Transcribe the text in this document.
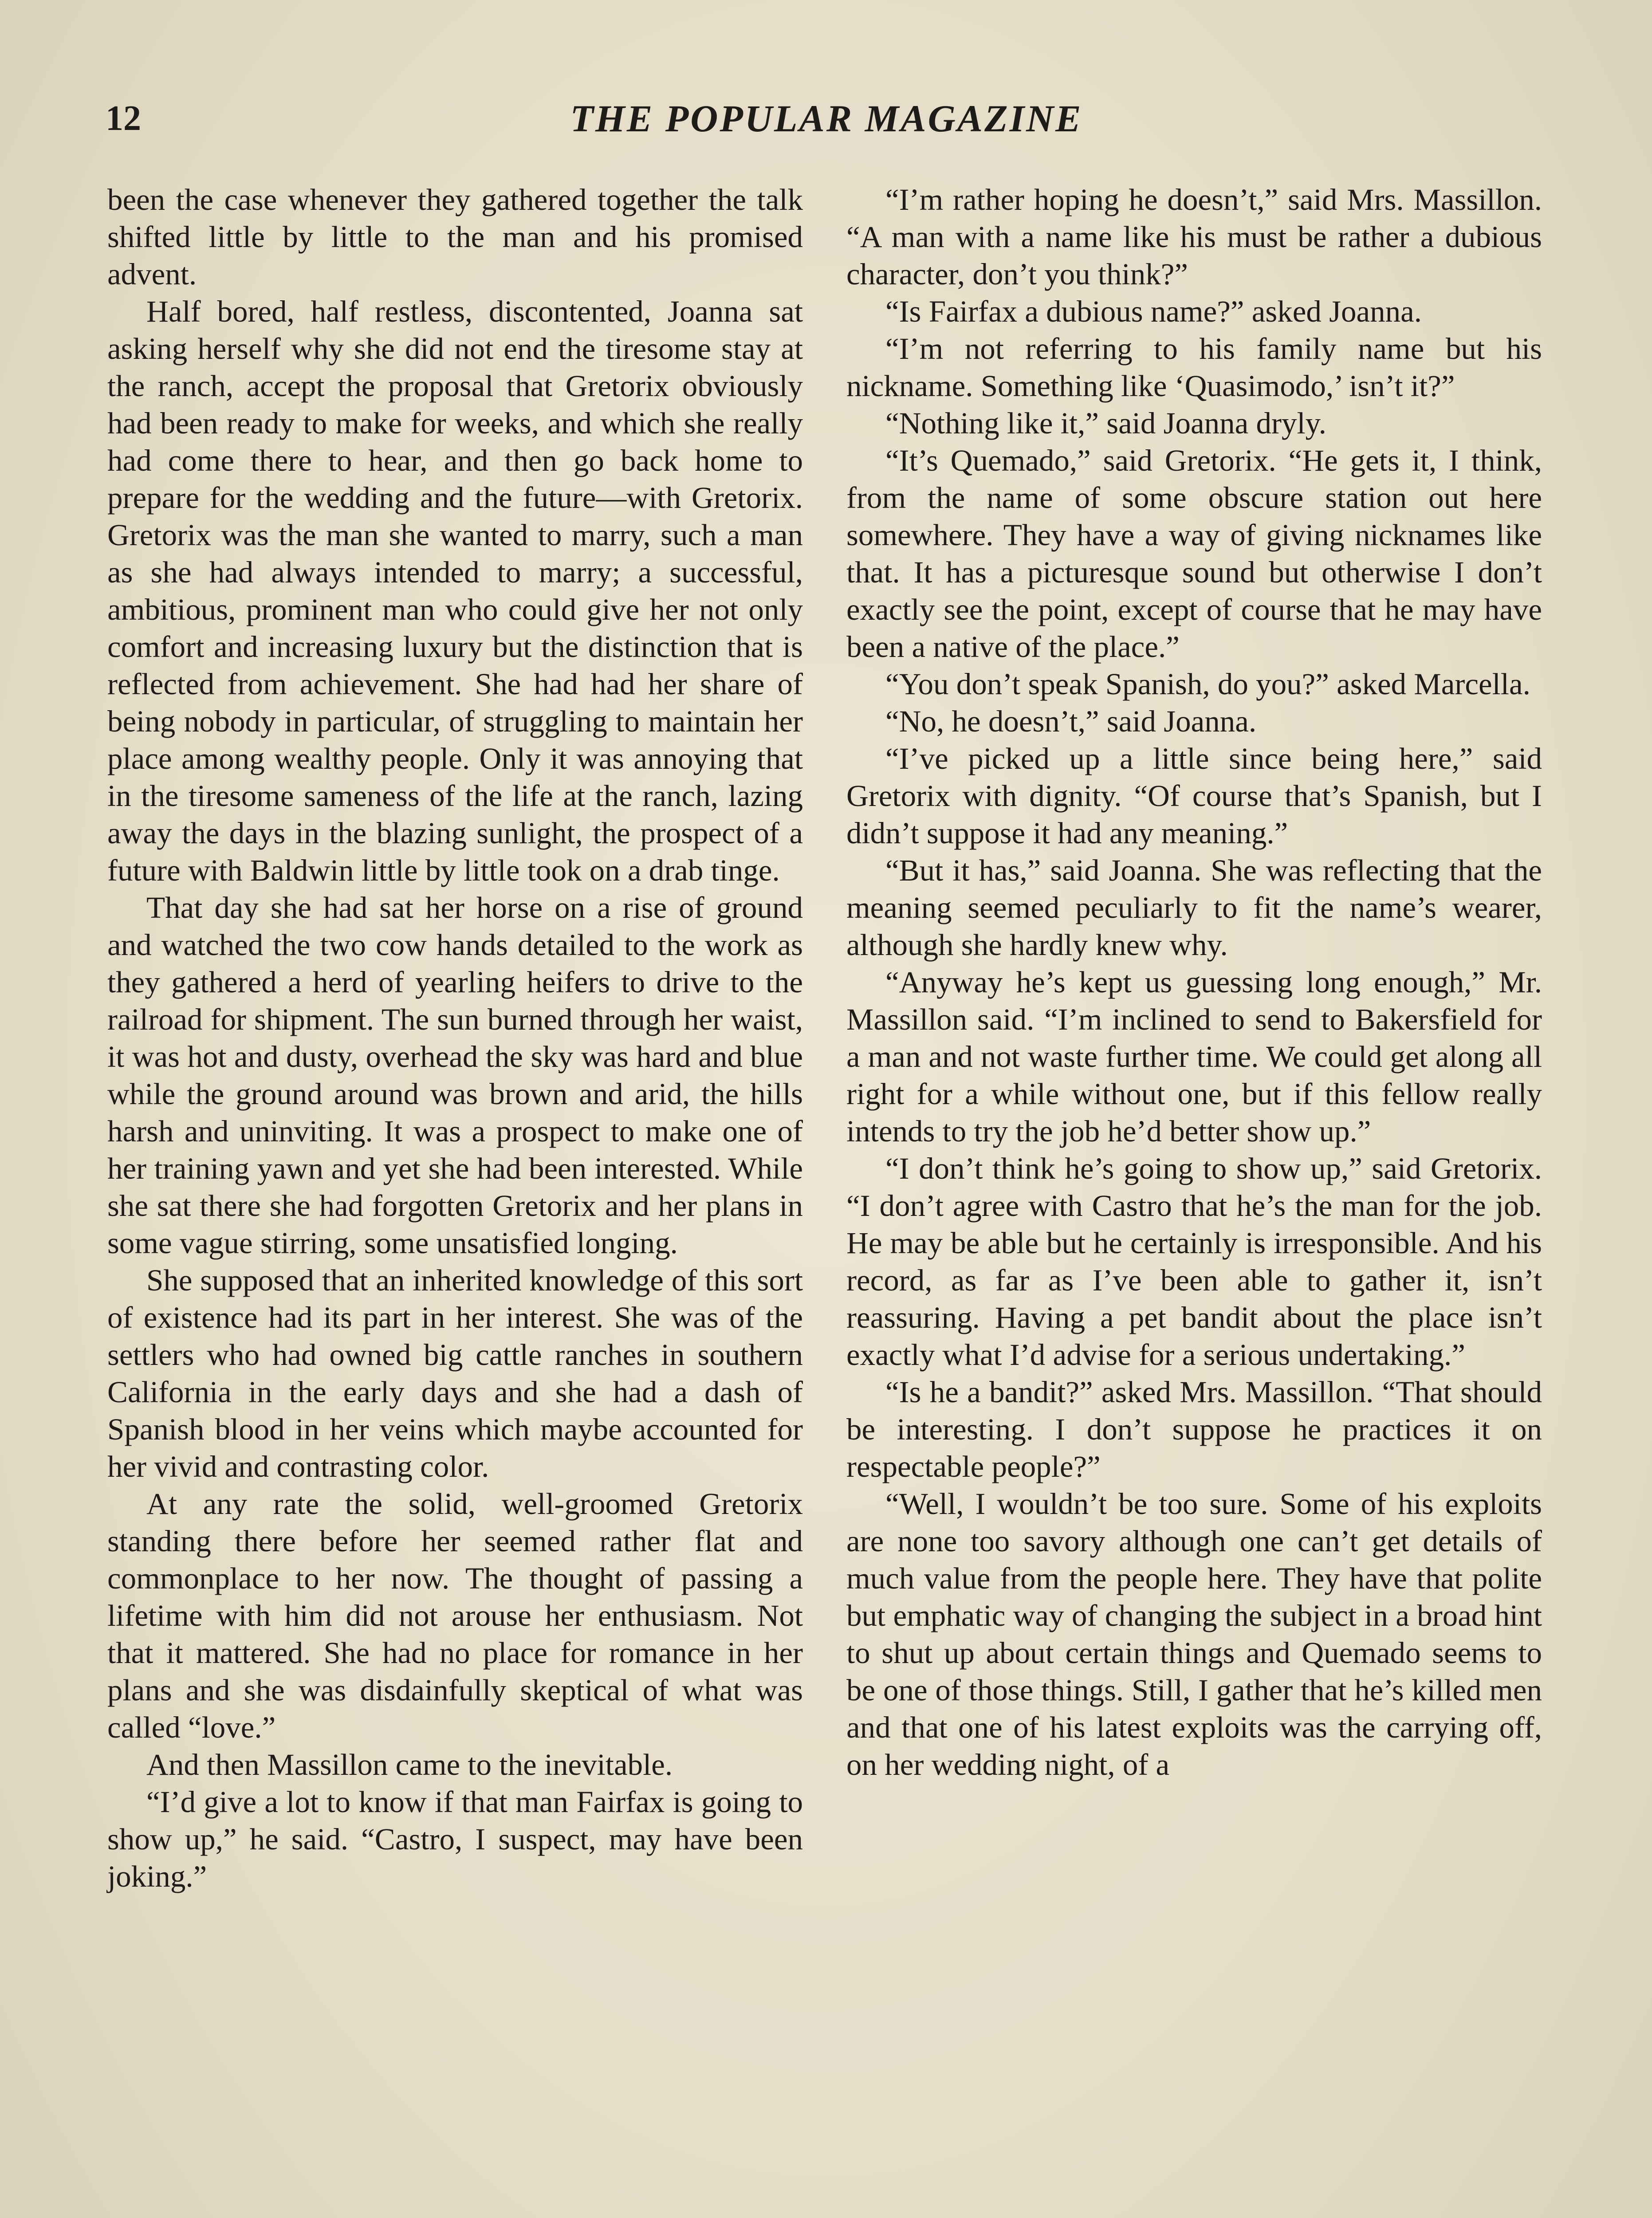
12	THE POPULAR MAGAZINE

been the case whenever they gathered together the talk shifted little by little to the man and his promised advent.

Half bored, half restless, discontented, Joanna sat asking herself why she did not end the tiresome stay at the ranch, accept the proposal that Gretorix obviously had been ready to make for weeks, and which she really had come there to hear, and then go back home to prepare for the wedding and the future—with Gretorix. Gretorix was the man she wanted to marry, such a man as she had always intended to marry; a successful, ambitious, prominent man who could give her not only comfort and increasing luxury but the distinction that is reflected from achievement. She had had her share of being nobody in particular, of struggling to maintain her place among wealthy people. Only it was annoying that in the tiresome sameness of the life at the ranch, lazing away the days in the blazing sunlight, the prospect of a future with Baldwin little by little took on a drab tinge.

That day she had sat her horse on a rise of ground and watched the two cow hands detailed to the work as they gathered a herd of yearling heifers to drive to the railroad for shipment. The sun burned through her waist, it was hot and dusty, overhead the sky was hard and blue while the ground around was brown and arid, the hills harsh and uninviting. It was a prospect to make one of her training yawn and yet she had been interested. While she sat there she had forgotten Gretorix and her plans in some vague stirring, some unsatisfied longing.

She supposed that an inherited knowledge of this sort of existence had its part in her interest. She was of the settlers who had owned big cattle ranches in southern California in the early days and she had a dash of Spanish blood in her veins which maybe accounted for her vivid and contrasting color.

At any rate the solid, well-groomed Gretorix standing there before her seemed rather flat and commonplace to her now. The thought of passing a lifetime with him did not arouse her enthusiasm. Not that it mattered. She had no place for romance in her plans and she was disdainfully skeptical of what was called “love.”

And then Massillon came to the inevitable.

“I’d give a lot to know if that man Fairfax is going to show up,” he said. “Castro, I suspect, may have been joking.”

“I’m rather hoping he doesn’t,” said Mrs. Massillon. “A man with a name like his must be rather a dubious character, don’t you think?”

“Is Fairfax a dubious name?” asked Joanna.

“I’m not referring to his family name but his nickname. Something like ‘Quasimodo,’ isn’t it?”

“Nothing like it,” said Joanna dryly.

“It’s Quemado,” said Gretorix. “He gets it, I think, from the name of some obscure station out here somewhere. They have a way of giving nicknames like that. It has a picturesque sound but otherwise I don’t exactly see the point, except of course that he may have been a native of the place.”

“You don’t speak Spanish, do you?” asked Marcella.

“No, he doesn’t,” said Joanna.

“I’ve picked up a little since being here,” said Gretorix with dignity. “Of course that’s Spanish, but I didn’t suppose it had any meaning.”

“But it has,” said Joanna. She was reflecting that the meaning seemed peculiarly to fit the name’s wearer, although she hardly knew why.

“Anyway he’s kept us guessing long enough,” Mr. Massillon said. “I’m inclined to send to Bakersfield for a man and not waste further time. We could get along all right for a while without one, but if this fellow really intends to try the job he’d better show up.”

“I don’t think he’s going to show up,” said Gretorix. “I don’t agree with Castro that he’s the man for the job. He may be able but he certainly is irresponsible. And his record, as far as I’ve been able to gather it, isn’t reassuring. Having a pet bandit about the place isn’t exactly what I’d advise for a serious undertaking.”

“Is he a bandit?” asked Mrs. Massillon. “That should be interesting. I don’t suppose he practices it on respectable people?”

“Well, I wouldn’t be too sure. Some of his exploits are none too savory although one can’t get details of much value from the people here. They have that polite but emphatic way of changing the subject in a broad hint to shut up about certain things and Quemado seems to be one of those things. Still, I gather that he’s killed men and that one of his latest exploits was the carrying off, on her wedding night, of a
